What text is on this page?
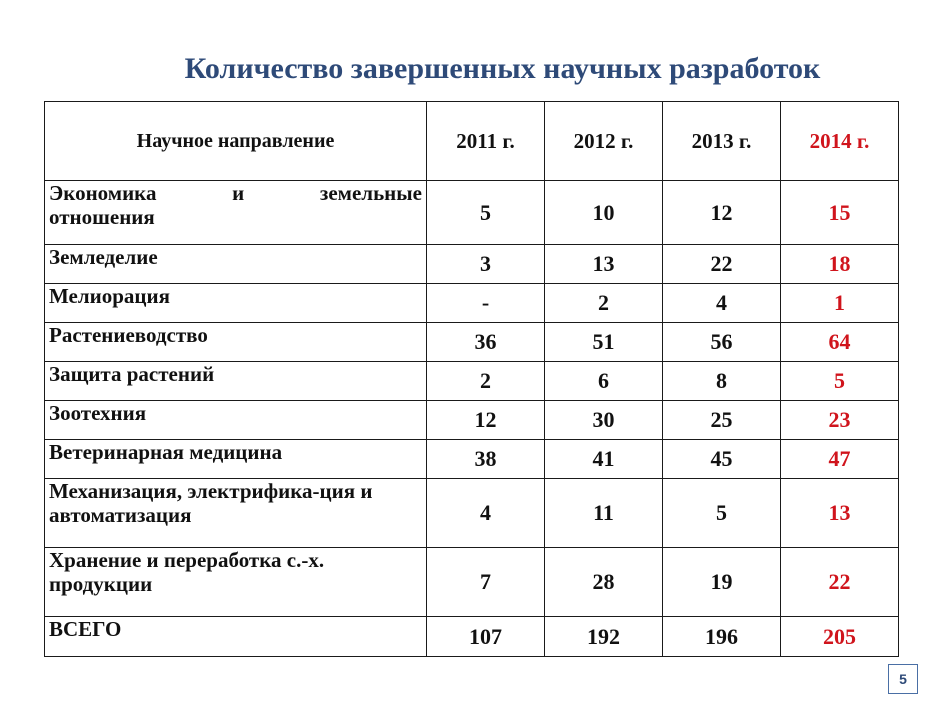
Количество завершенных научных разработок
Научное направление	2011 г.	2012 г.	2013 г.	2014 г.

Экономика и земельные
отношения	5	10	12	15
Земледелие	3	13	22	18
Мелиорация	-	2	4	1
Растениеводство	36	51	56	64
Защита растений	2	6	8	5
Зоотехния	12	30	25	23
Ветеринарная медицина	38	41	45	47
Механизация, электрифика-ция и автоматизация	4	11	5	13
Хранение и переработка с.-х. продукции	7	28	19	22
ВСЕГО	107	192	196	205
5
